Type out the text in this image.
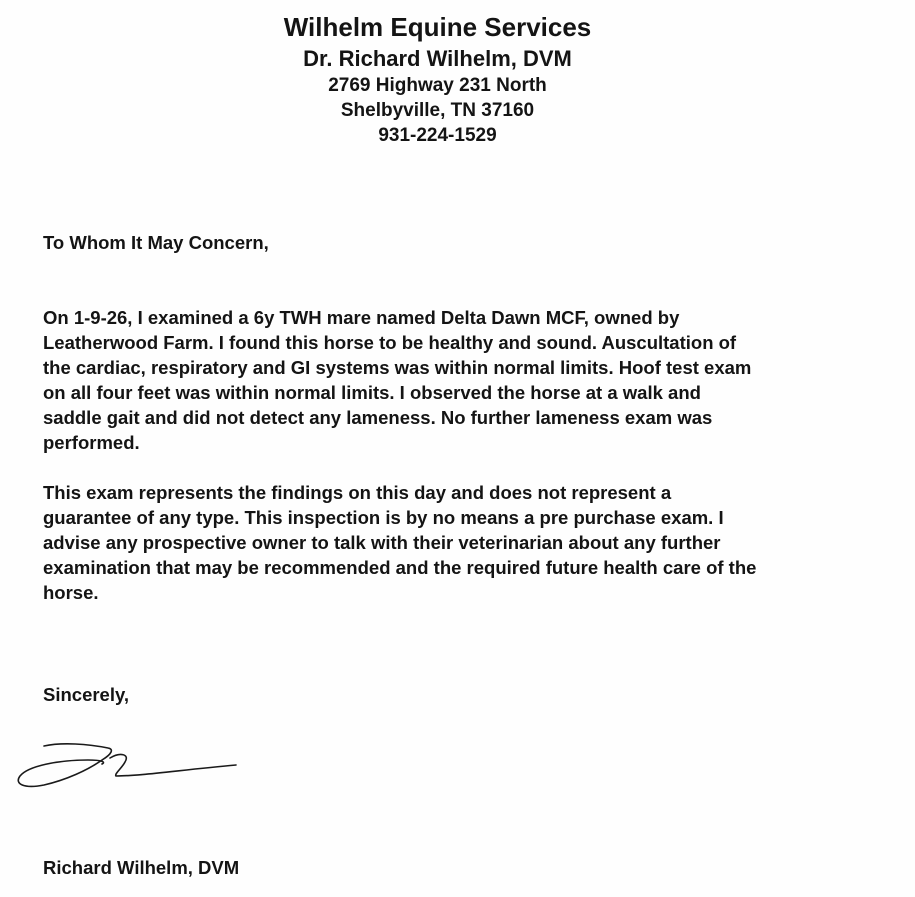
Wilhelm Equine Services
Dr. Richard Wilhelm, DVM
2769 Highway 231 North
Shelbyville, TN 37160
931-224-1529
To Whom It May Concern,
On 1-9-26, I examined a 6y TWH mare named Delta Dawn MCF, owned by
Leatherwood Farm. I found this horse to be healthy and sound. Auscultation of
the cardiac, respiratory and GI systems was within normal limits. Hoof test exam
on all four feet was within normal limits. I observed the horse at a walk and
saddle gait and did not detect any lameness. No further lameness exam was
performed.
This exam represents the findings on this day and does not represent a
guarantee of any type. This inspection is by no means a pre purchase exam. I
advise any prospective owner to talk with their veterinarian about any further
examination that may be recommended and the required future health care of the
horse.
Sincerely,
Richard Wilhelm, DVM
